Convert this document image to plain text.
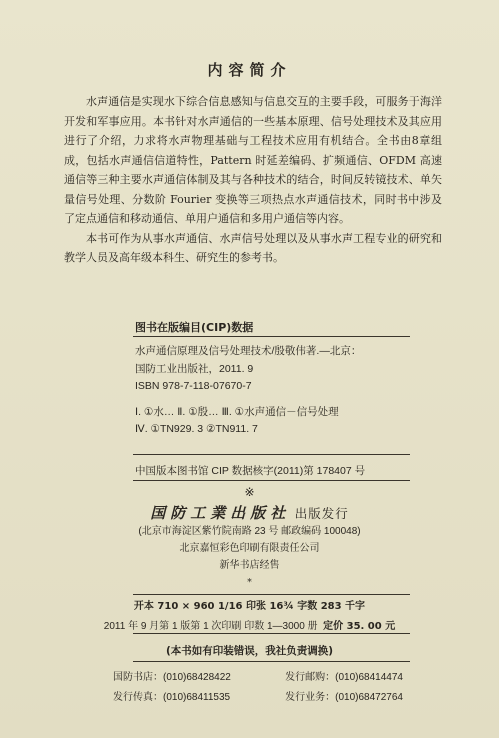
内容简介

水声通信是实现水下综合信息感知与信息交互的主要手段，可服务于海洋开发和军事应用。本书针对水声通信的一些基本原理、信号处理技术及其应用进行了介绍，力求将水声物理基础与工程技术应用有机结合。全书由8章组成，包括水声通信信道特性，Pattern 时延差编码、扩频通信、OFDM 高速通信等三种主要水声通信体制及其与各种技术的结合，时间反转镜技术、单矢量信号处理、分数阶 Fourier 变换等三项热点水声通信技术，同时书中涉及了定点通信和移动通信、单用户通信和多用户通信等内容。

本书可作为从事水声通信、水声信号处理以及从事水声工程专业的研究和教学人员及高年级本科生、研究生的参考书。

图书在版编目(CIP)数据
水声通信原理及信号处理技术/殷敬伟著.—北京：
国防工业出版社，2011. 9
ISBN 978-7-118-07670-7
Ⅰ. ①水… Ⅱ. ①殷… Ⅲ. ①水声通信－信号处理
Ⅳ. ①TN929. 3 ②TN911. 7
中国版本图书馆 CIP 数据核字(2011)第 178407 号
※
国防工業出版社 出版发行
(北京市海淀区紫竹院南路 23 号 邮政编码 100048)
北京嘉恒彩色印刷有限责任公司
新华书店经售
*
开本 710 × 960 1/16 印张 16¾ 字数 283 千字
2011 年 9 月第 1 版第 1 次印刷 印数 1—3000 册 定价 35. 00 元
(本书如有印装错误，我社负责调换)
国防书店：(010)68428422	发行邮购：(010)68414474
发行传真：(010)68411535	发行业务：(010)68472764
